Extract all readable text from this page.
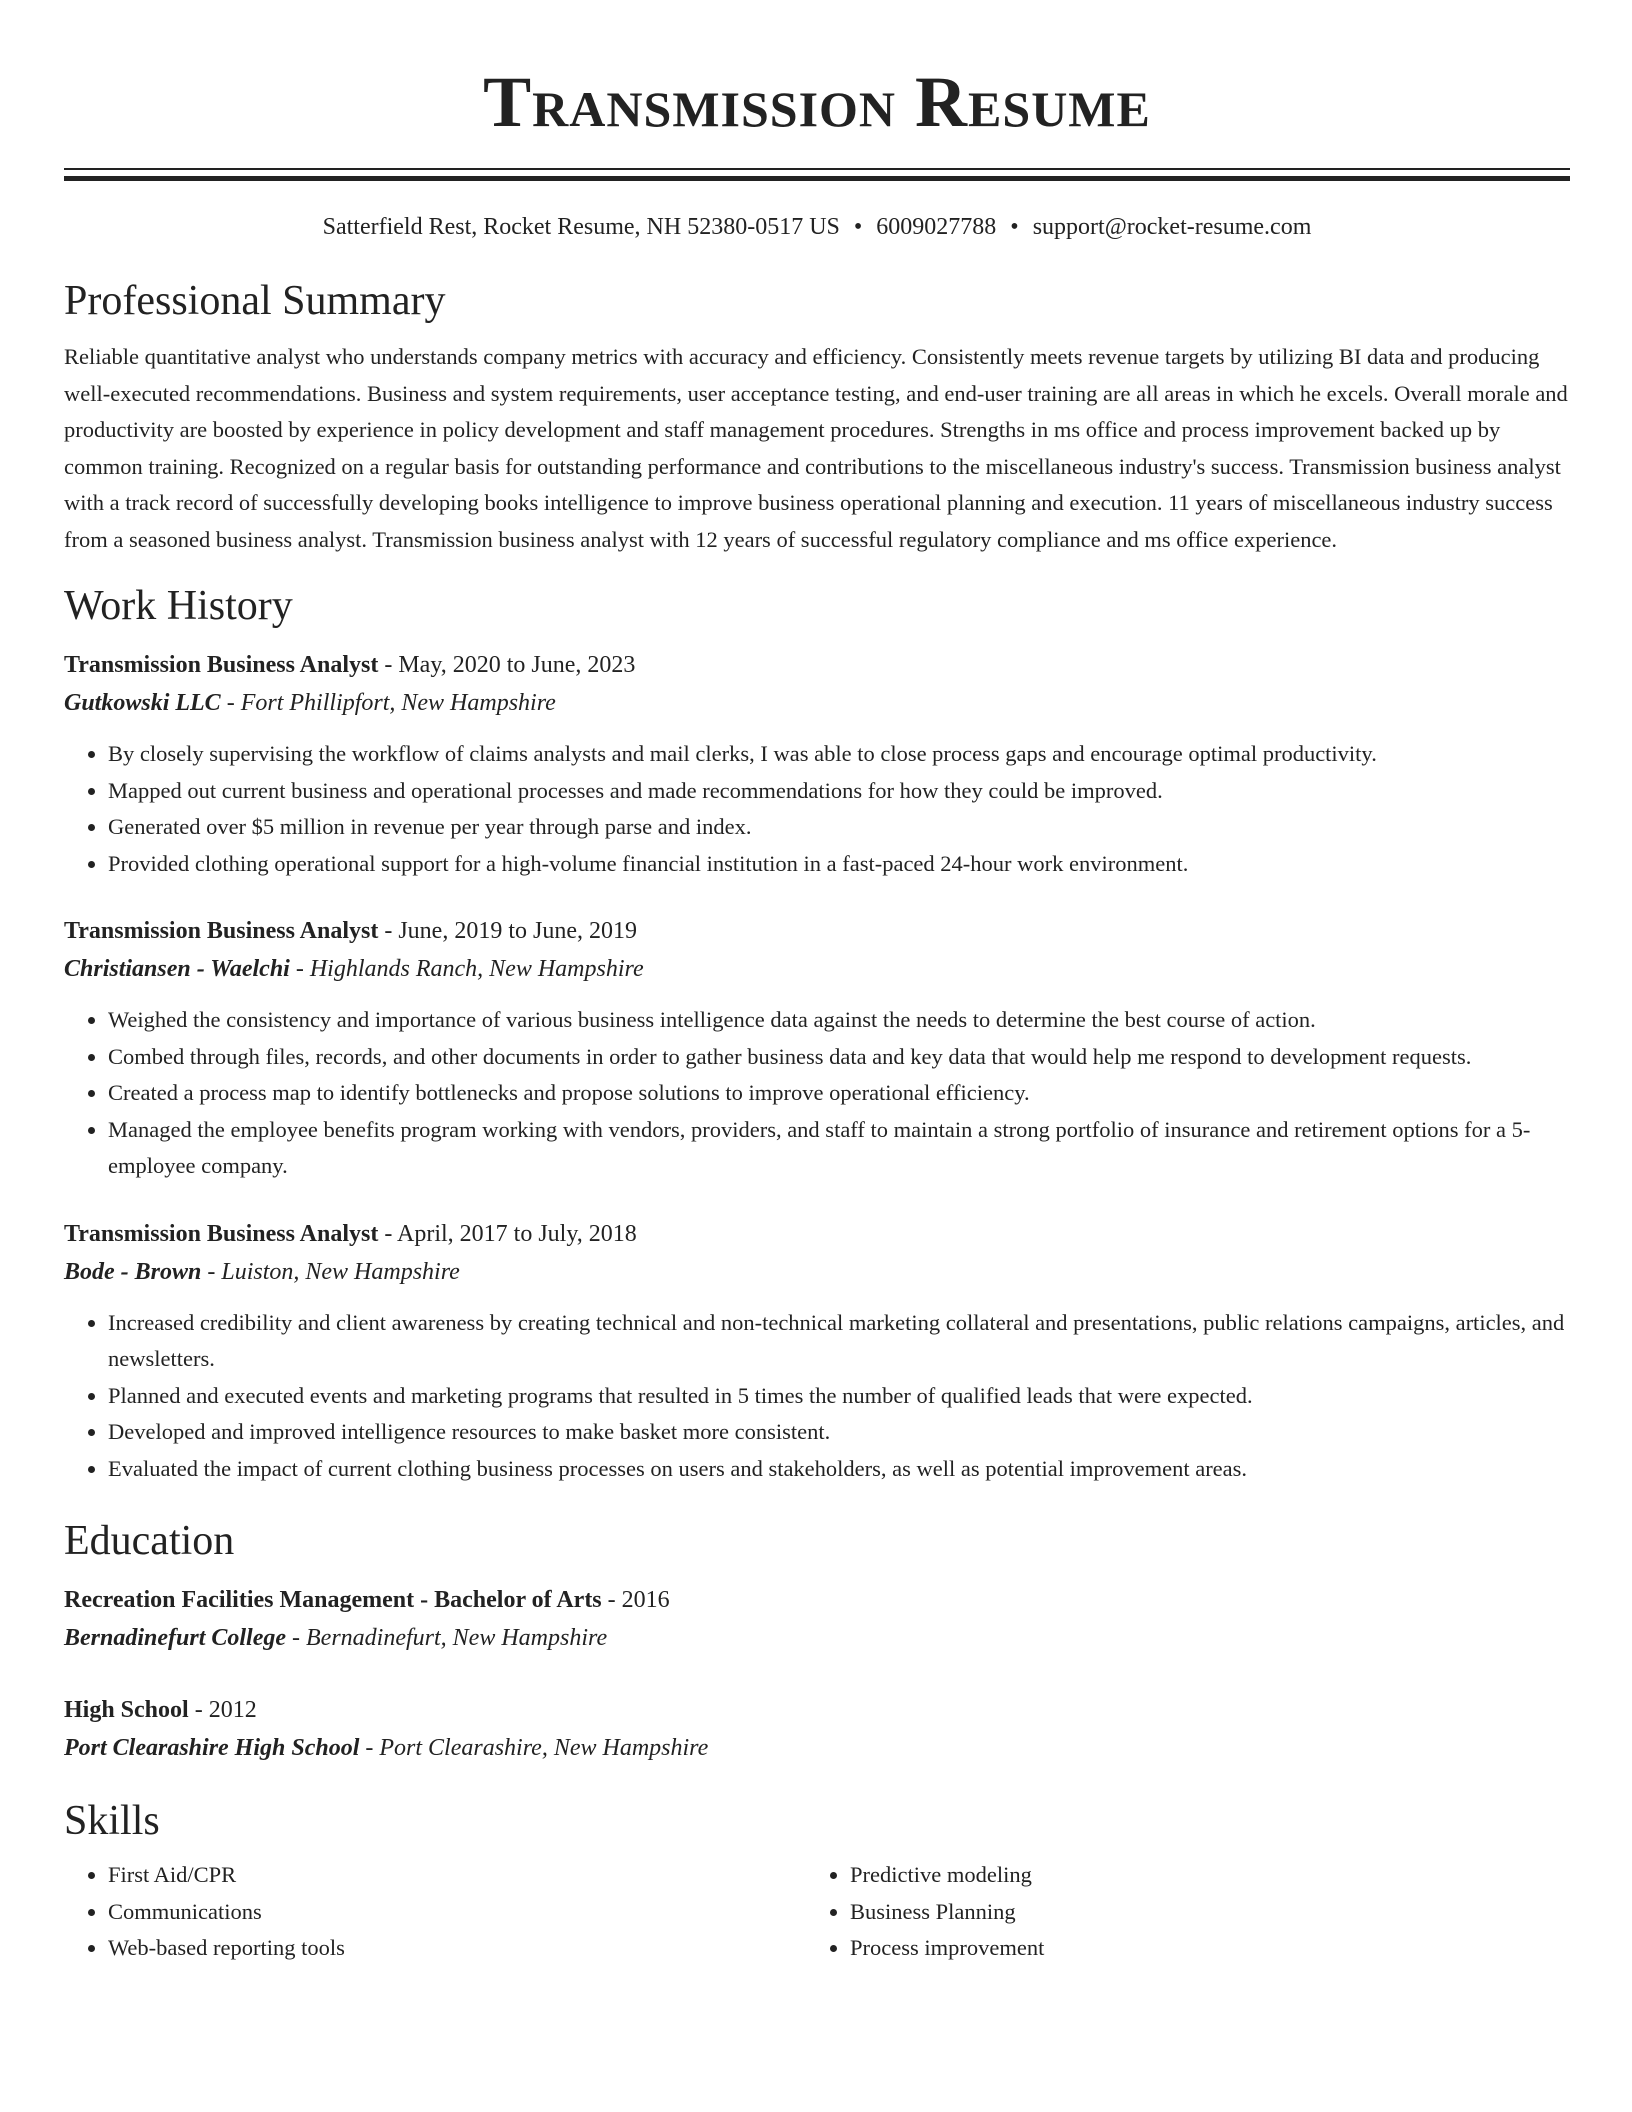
Transmission Resume
Satterfield Rest, Rocket Resume, NH 52380-0517 US • 6009027788 • support@rocket-resume.com
Professional Summary
Reliable quantitative analyst who understands company metrics with accuracy and efficiency. Consistently meets revenue targets by utilizing BI data and producing well-executed recommendations. Business and system requirements, user acceptance testing, and end-user training are all areas in which he excels. Overall morale and productivity are boosted by experience in policy development and staff management procedures. Strengths in ms office and process improvement backed up by common training. Recognized on a regular basis for outstanding performance and contributions to the miscellaneous industry's success. Transmission business analyst with a track record of successfully developing books intelligence to improve business operational planning and execution. 11 years of miscellaneous industry success from a seasoned business analyst. Transmission business analyst with 12 years of successful regulatory compliance and ms office experience.
Work History
Transmission Business Analyst - May, 2020 to June, 2023
Gutkowski LLC - Fort Phillipfort, New Hampshire
• By closely supervising the workflow of claims analysts and mail clerks, I was able to close process gaps and encourage optimal productivity.
• Mapped out current business and operational processes and made recommendations for how they could be improved.
• Generated over $5 million in revenue per year through parse and index.
• Provided clothing operational support for a high-volume financial institution in a fast-paced 24-hour work environment.
Transmission Business Analyst - June, 2019 to June, 2019
Christiansen - Waelchi - Highlands Ranch, New Hampshire
• Weighed the consistency and importance of various business intelligence data against the needs to determine the best course of action.
• Combed through files, records, and other documents in order to gather business data and key data that would help me respond to development requests.
• Created a process map to identify bottlenecks and propose solutions to improve operational efficiency.
• Managed the employee benefits program working with vendors, providers, and staff to maintain a strong portfolio of insurance and retirement options for a 5-employee company.
Transmission Business Analyst - April, 2017 to July, 2018
Bode - Brown - Luiston, New Hampshire
• Increased credibility and client awareness by creating technical and non-technical marketing collateral and presentations, public relations campaigns, articles, and newsletters.
• Planned and executed events and marketing programs that resulted in 5 times the number of qualified leads that were expected.
• Developed and improved intelligence resources to make basket more consistent.
• Evaluated the impact of current clothing business processes on users and stakeholders, as well as potential improvement areas.
Education
Recreation Facilities Management - Bachelor of Arts - 2016
Bernadinefurt College - Bernadinefurt, New Hampshire
High School - 2012
Port Clearashire High School - Port Clearashire, New Hampshire
Skills
• First Aid/CPR
• Communications
• Web-based reporting tools
• Predictive modeling
• Business Planning
• Process improvement
